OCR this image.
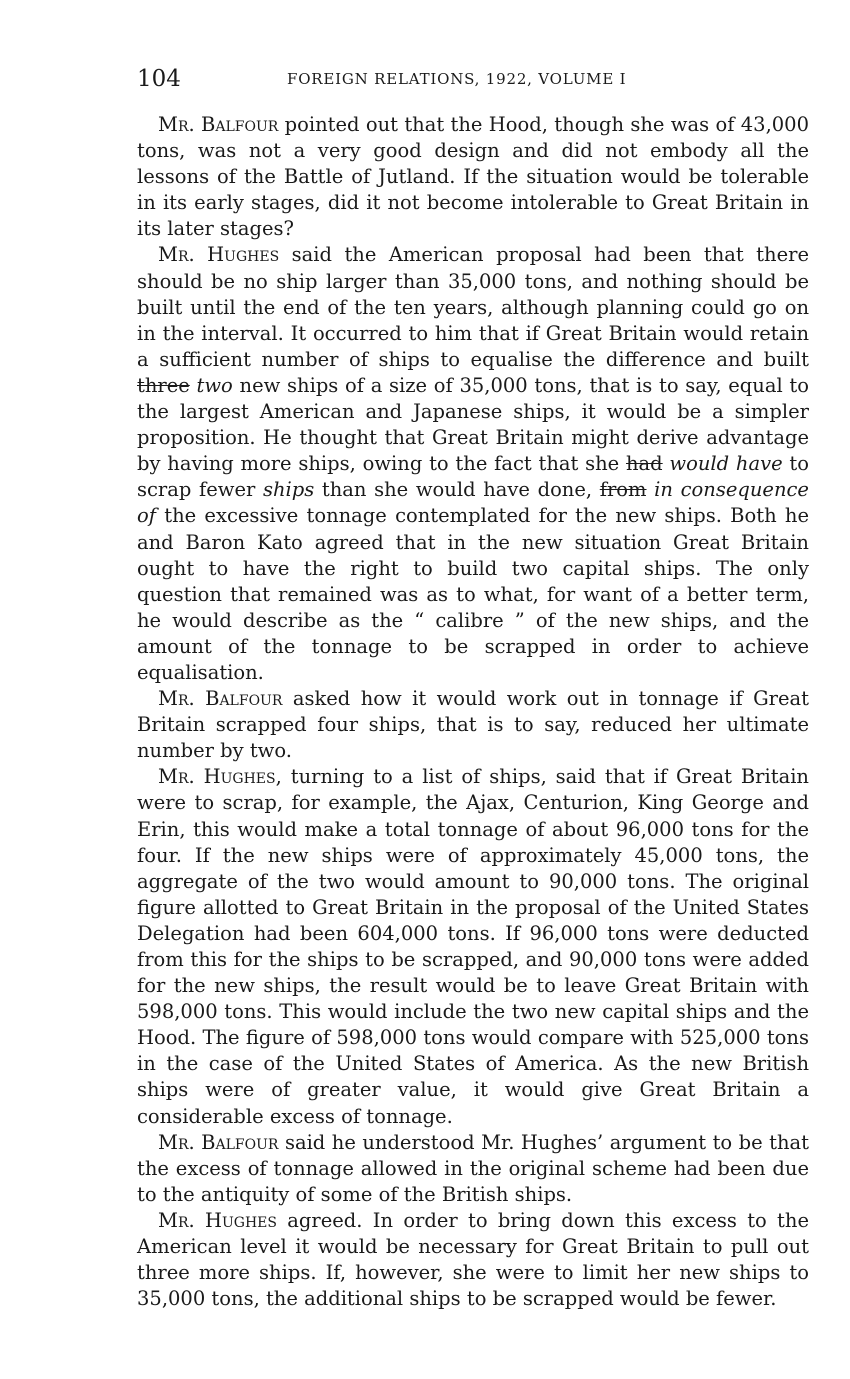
104	FOREIGN RELATIONS, 1922, VOLUME I

Mr. Balfour pointed out that the Hood, though she was of 43,000 tons, was not a very good design and did not embody all the lessons of the Battle of Jutland. If the situation would be tolerable in its early stages, did it not become intolerable to Great Britain in its later stages?

Mr. Hughes said the American proposal had been that there should be no ship larger than 35,000 tons, and nothing should be built until the end of the ten years, although planning could go on in the interval. It occurred to him that if Great Britain would retain a sufficient number of ships to equalise the difference and built three two new ships of a size of 35,000 tons, that is to say, equal to the largest American and Japanese ships, it would be a simpler proposition. He thought that Great Britain might derive advantage by having more ships, owing to the fact that she had would have to scrap fewer ships than she would have done, from in consequence of the excessive tonnage contemplated for the new ships. Both he and Baron Kato agreed that in the new situation Great Britain ought to have the right to build two capital ships. The only question that remained was as to what, for want of a better term, he would describe as the “ calibre ” of the new ships, and the amount of the tonnage to be scrapped in order to achieve equalisation.

Mr. Balfour asked how it would work out in tonnage if Great Britain scrapped four ships, that is to say, reduced her ultimate number by two.

Mr. Hughes, turning to a list of ships, said that if Great Britain were to scrap, for example, the Ajax, Centurion, King George and Erin, this would make a total tonnage of about 96,000 tons for the four. If the new ships were of approximately 45,000 tons, the aggregate of the two would amount to 90,000 tons. The original figure allotted to Great Britain in the proposal of the United States Delegation had been 604,000 tons. If 96,000 tons were deducted from this for the ships to be scrapped, and 90,000 tons were added for the new ships, the result would be to leave Great Britain with 598,000 tons. This would include the two new capital ships and the Hood. The figure of 598,000 tons would compare with 525,000 tons in the case of the United States of America. As the new British ships were of greater value, it would give Great Britain a considerable excess of tonnage.

Mr. Balfour said he understood Mr. Hughes’ argument to be that the excess of tonnage allowed in the original scheme had been due to the antiquity of some of the British ships.

Mr. Hughes agreed. In order to bring down this excess to the American level it would be necessary for Great Britain to pull out three more ships. If, however, she were to limit her new ships to 35,000 tons, the additional ships to be scrapped would be fewer.
